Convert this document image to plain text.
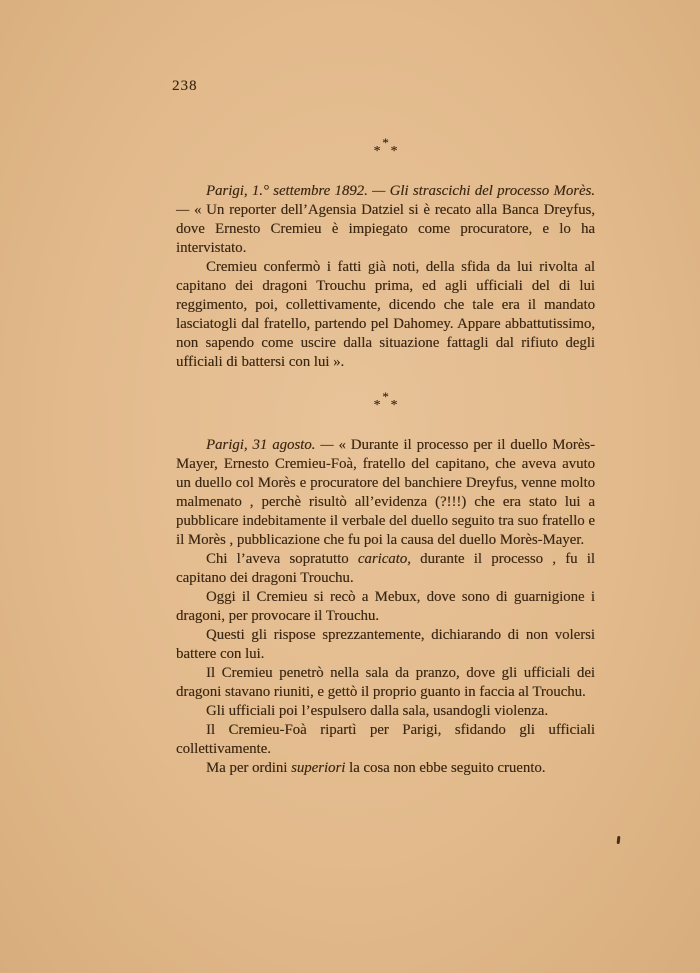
238
*
* *

Parigi, 1.° settembre 1892. — Gli strascichi del processo Morès. — « Un reporter dell’Agensia Datziel si è recato alla Banca Dreyfus, dove Ernesto Cremieu è impiegato come procuratore, e lo ha intervistato.

Cremieu confermò i fatti già noti, della sfida da lui rivolta al capitano dei dragoni Trouchu prima, ed agli ufficiali del di lui reggimento, poi, collettivamente, dicendo che tale era il mandato lasciatogli dal fratello, partendo pel Dahomey. Appare abbattutissimo, non sapendo come uscire dalla situazione fattagli dal rifiuto degli ufficiali di battersi con lui ».

*
* *

Parigi, 31 agosto. — « Durante il processo per il duello Morès-Mayer, Ernesto Cremieu-Foà, fratello del capitano, che aveva avuto un duello col Morès e procuratore del banchiere Dreyfus, venne molto malmenato , perchè risultò all’evidenza (?!!!) che era stato lui a pubblicare indebitamente il verbale del duello seguito tra suo fratello e il Morès , pubblicazione che fu poi la causa del duello Morès-Mayer.

Chi l’aveva sopratutto caricato, durante il processo , fu il capitano dei dragoni Trouchu.

Oggi il Cremieu si recò a Mebux, dove sono di guarnigione i dragoni, per provocare il Trouchu.

Questi gli rispose sprezzantemente, dichiarando di non volersi battere con lui.

Il Cremieu penetrò nella sala da pranzo, dove gli ufficiali dei dragoni stavano riuniti, e gettò il proprio guanto in faccia al Trouchu.

Gli ufficiali poi l’espulsero dalla sala, usandogli violenza.

Il Cremieu-Foà ripartì per Parigi, sfidando gli ufficiali collettivamente.

Ma per ordini superiori la cosa non ebbe seguito cruento.
